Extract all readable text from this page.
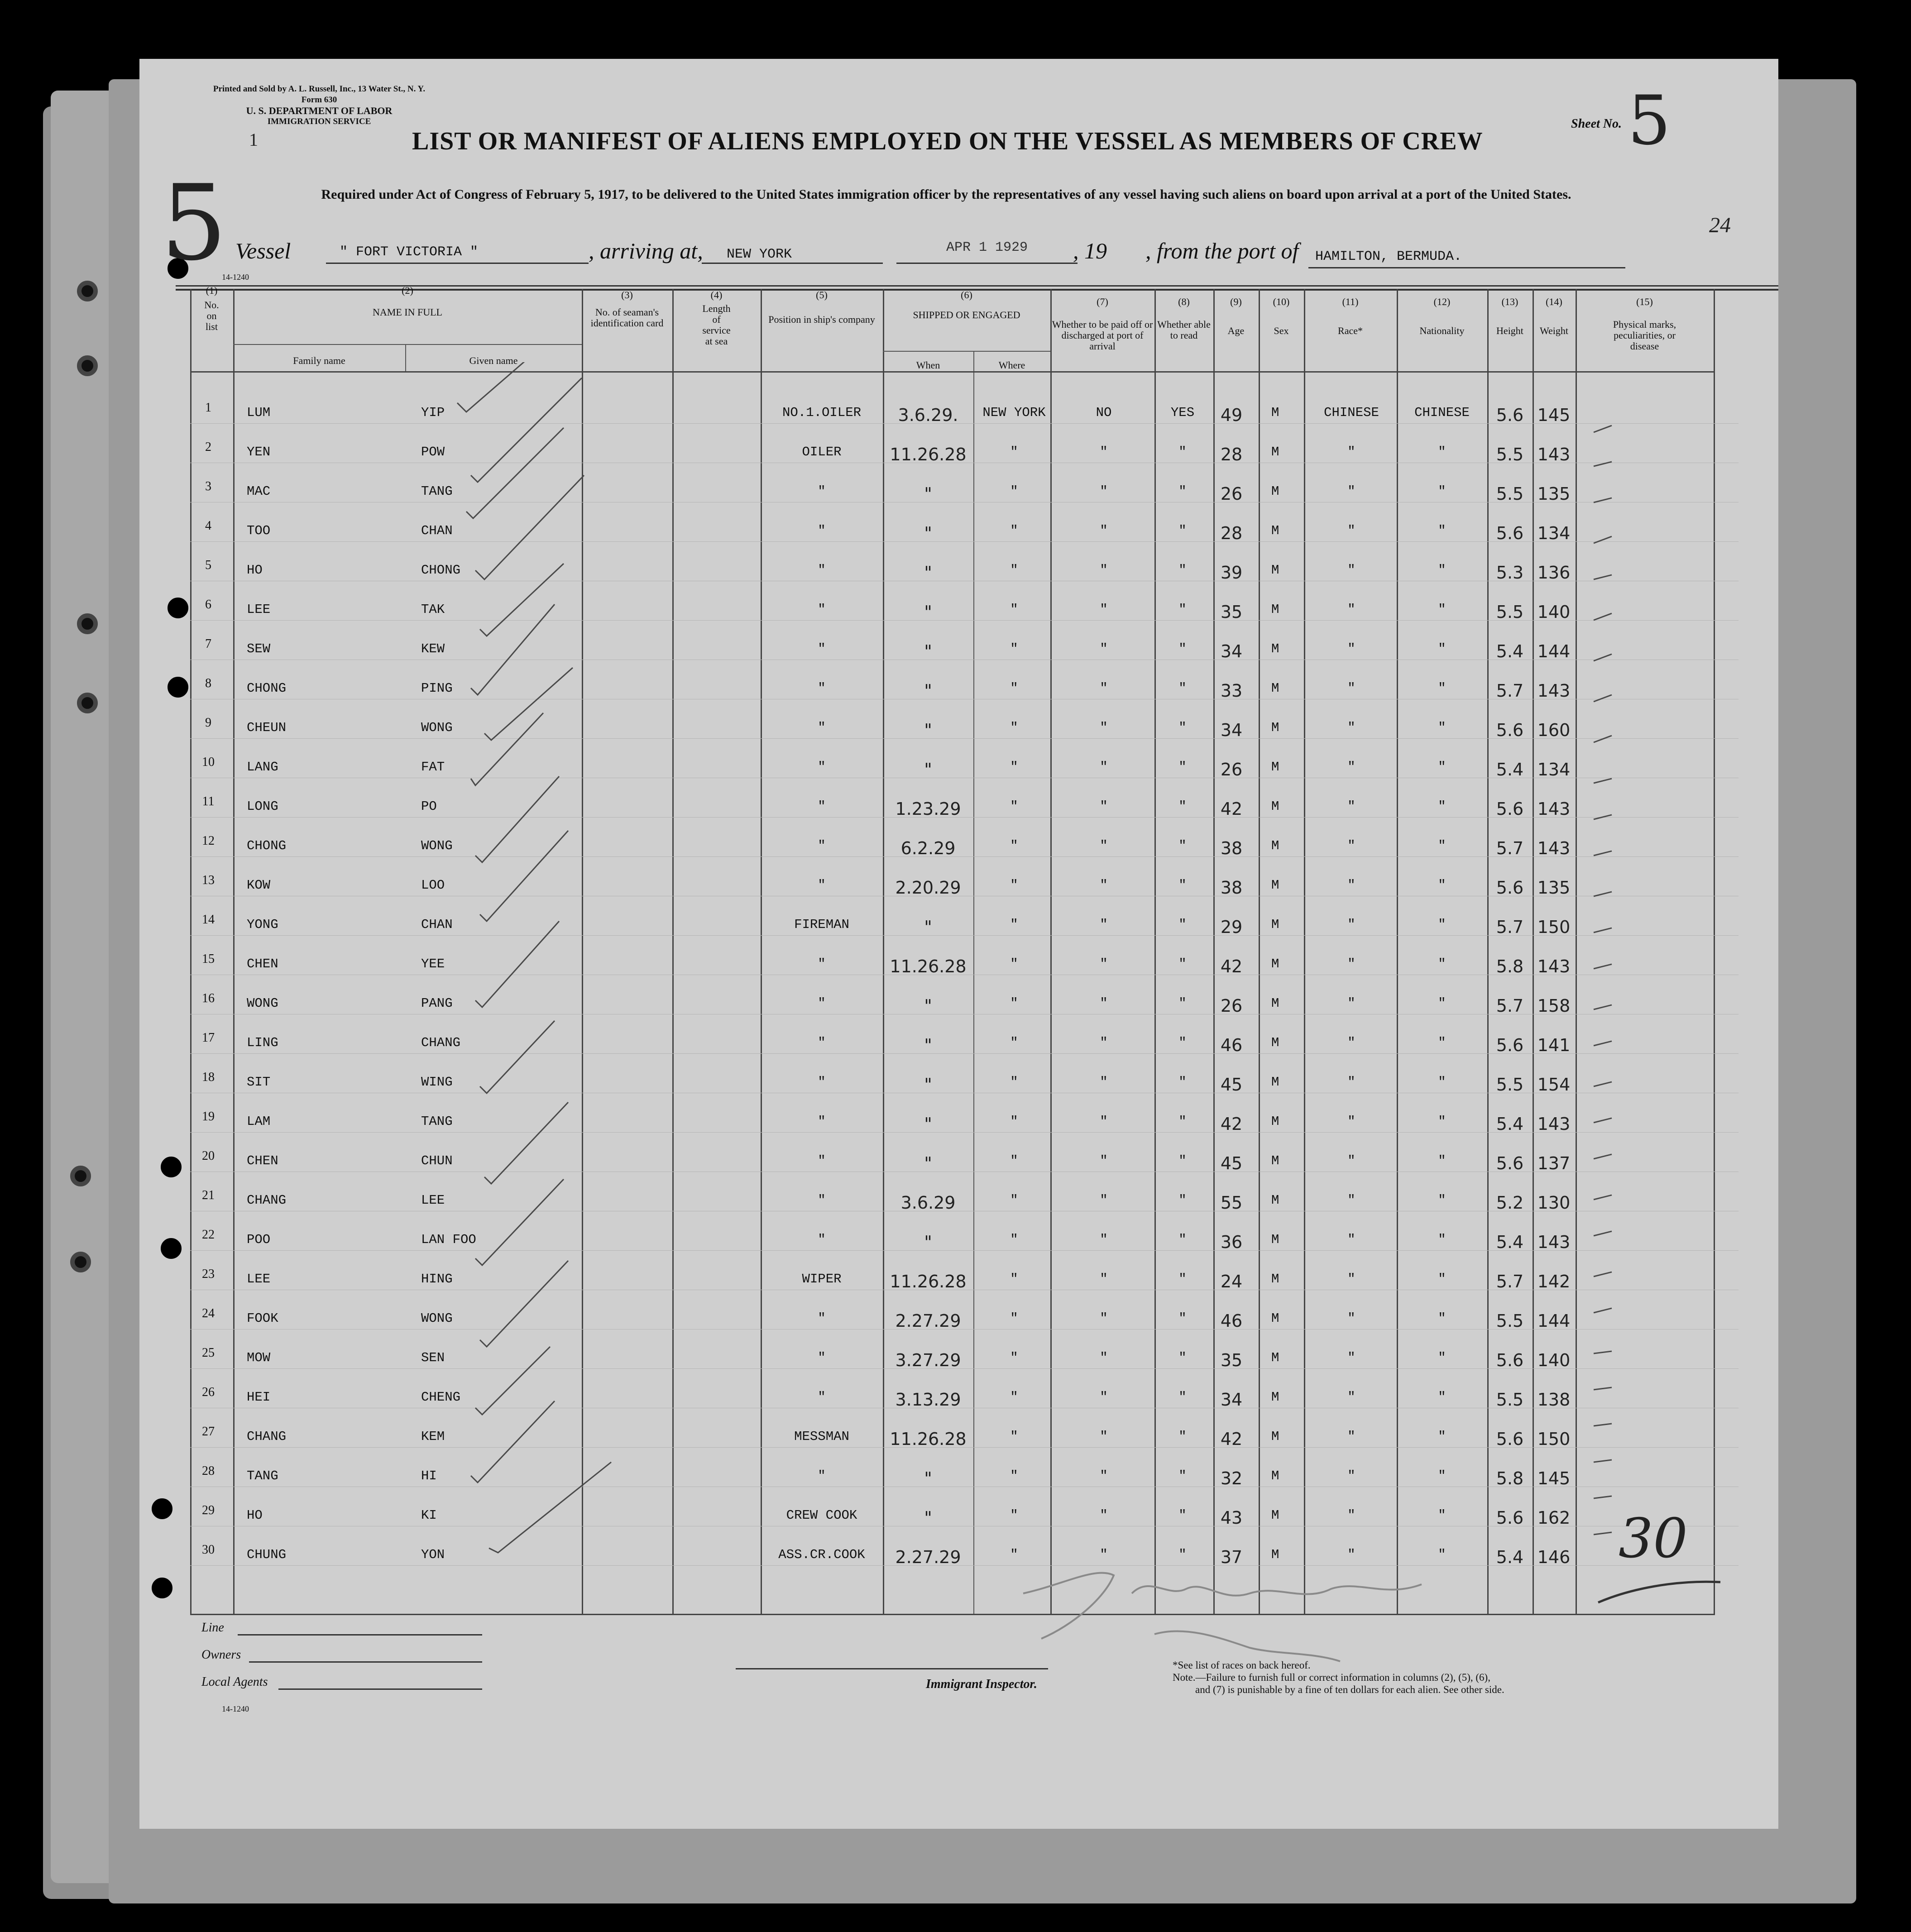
Printed and Sold by A. L. Russell, Inc., 13 Water St., N. Y.
Form 630
U. S. DEPARTMENT OF LABOR
IMMIGRATION SERVICE
1
5
LIST OR MANIFEST OF ALIENS EMPLOYED ON THE VESSEL AS MEMBERS OF CREW
Required under Act of Congress of February 5, 1917, to be delivered to the United States immigration officer by the representatives of any vessel having such aliens on board upon arrival at a port of the United States.
Sheet No. 5
24
Vessel	" FORT VICTORIA "	, arriving at, NEW YORK	APR 1 1929 , 19 , from the port of HAMILTON, BERMUDA.
14-1240
(1)
No. on list
(2)
NAME IN FULL
Family name	Given name
(3)
No. of seaman's identification card
(4)
Length of service at sea
(5)
Position in ship's company
(6)
SHIPPED OR ENGAGED
When	Where
(7)
Whether to be paid off or discharged at port of arrival
(8)
Whether able to read
(9)
Age
(10)
Sex
(11)
Race*
(12)
Nationality
(13)
Height
(14)
Weight
(15)
Physical marks, peculiarities, or disease
1	LUM	YIP	NO.1.OILER	3.6.29.	NEW YORK	NO	YES	49	M	CHINESE	CHINESE	5.6 145
2	YEN	POW	OILER	11.26.28	"	"	"	28	M	"	"	5.5 143
3	MAC	TANG	"	"	"	"	"	26	M	"	"	5.5 135
4	TOO	CHAN	"	"	"	"	"	28	M	"	"	5.6 134
5	HO	CHONG	"	"	"	"	"	39	M	"	"	5.3 136
6	LEE	TAK	"	"	"	"	"	35	M	"	"	5.5 140
7	SEW	KEW	"	"	"	"	"	34	M	"	"	5.4 144
8	CHONG	PING	"	"	"	"	"	33	M	"	"	5.7 143
9	CHEUN	WONG	"	"	"	"	"	34	M	"	"	5.6 160
10	LANG	FAT	"	"	"	"	"	26	M	"	"	5.4 134
11	LONG	PO	"	1.23.29	"	"	"	42	M	"	"	5.6 143
12	CHONG	WONG	"	6.2.29	"	"	"	38	M	"	"	5.7 143
13	KOW	LOO	"	2.20.29	"	"	"	38	M	"	"	5.6 135
14	YONG	CHAN	FIREMAN	"	"	"	"	29	M	"	"	5.7 150
15	CHEN	YEE	"	11.26.28	"	"	"	42	M	"	"	5.8 143
16	WONG	PANG	"	"	"	"	"	26	M	"	"	5.7 158
17	LING	CHANG	"	"	"	"	"	46	M	"	"	5.6 141
18	SIT	WING	"	"	"	"	"	45	M	"	"	5.5 154
19	LAM	TANG	"	"	"	"	"	42	M	"	"	5.4 143
20	CHEN	CHUN	"	"	"	"	"	45	M	"	"	5.6 137
21	CHANG	LEE	"	3.6.29	"	"	"	55	M	"	"	5.2 130
22	POO	LAN FOO	"	"	"	"	"	36	M	"	"	5.4 143
23	LEE	HING	WIPER	11.26.28	"	"	"	24	M	"	"	5.7 142
24	FOOK	WONG	"	2.27.29	"	"	"	46	M	"	"	5.5 144
25	MOW	SEN	"	3.27.29	"	"	"	35	M	"	"	5.6 140
26	HEI	CHENG	"	3.13.29	"	"	"	34	M	"	"	5.5 138
27	CHANG	KEM	MESSMAN	11.26.28	"	"	"	42	M	"	"	5.6 150
28	TANG	HI	"	"	"	"	"	32	M	"	"	5.8 145
29	HO	KI	CREW COOK	"	"	"	"	43	M	"	"	5.6 162
30	CHUNG	YON	ASS.CR.COOK	2.27.29	"	"	"	37	M	"	"	5.4 146 30
Line
Owners
Local Agents	Immigrant Inspector.
14-1240
*See list of races on back hereof.
Note.—Failure to furnish full or correct information in columns (2), (5), (6),
and (7) is punishable by a fine of ten dollars for each alien. See other side.
